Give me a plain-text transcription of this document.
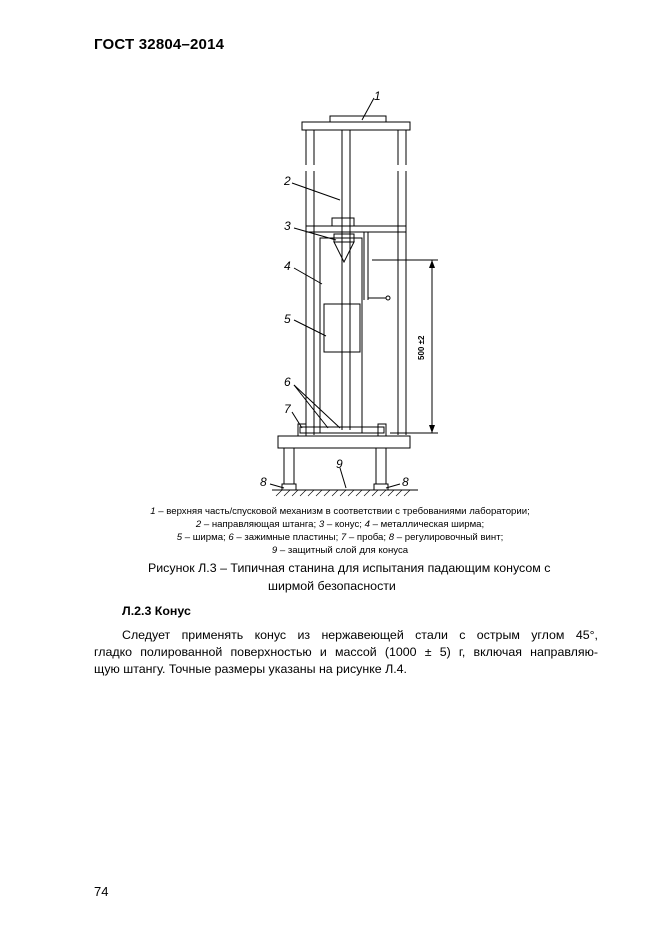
ГОСТ 32804–2014
1
2
3
4
5
6
7
8	8
9
500 ±2
1 – верхняя часть/спусковой механизм в соответствии с требованиями лаборатории;
2 – направляющая штанга; 3 – конус; 4 – металлическая ширма;
5 – ширма; 6 – зажимные пластины; 7 – проба; 8 – регулировочный винт;
9 – защитный слой для конуса
Рисунок Л.3 – Типичная станина для испытания падающим конусом с
ширмой безопасности
Л.2.3 Конус
Следует применять конус из нержавеющей стали с острым углом 45°,
гладко полированной поверхностью и массой (1000 ± 5) г, включая направляю-
щую штангу. Точные размеры указаны на рисунке Л.4.
74
